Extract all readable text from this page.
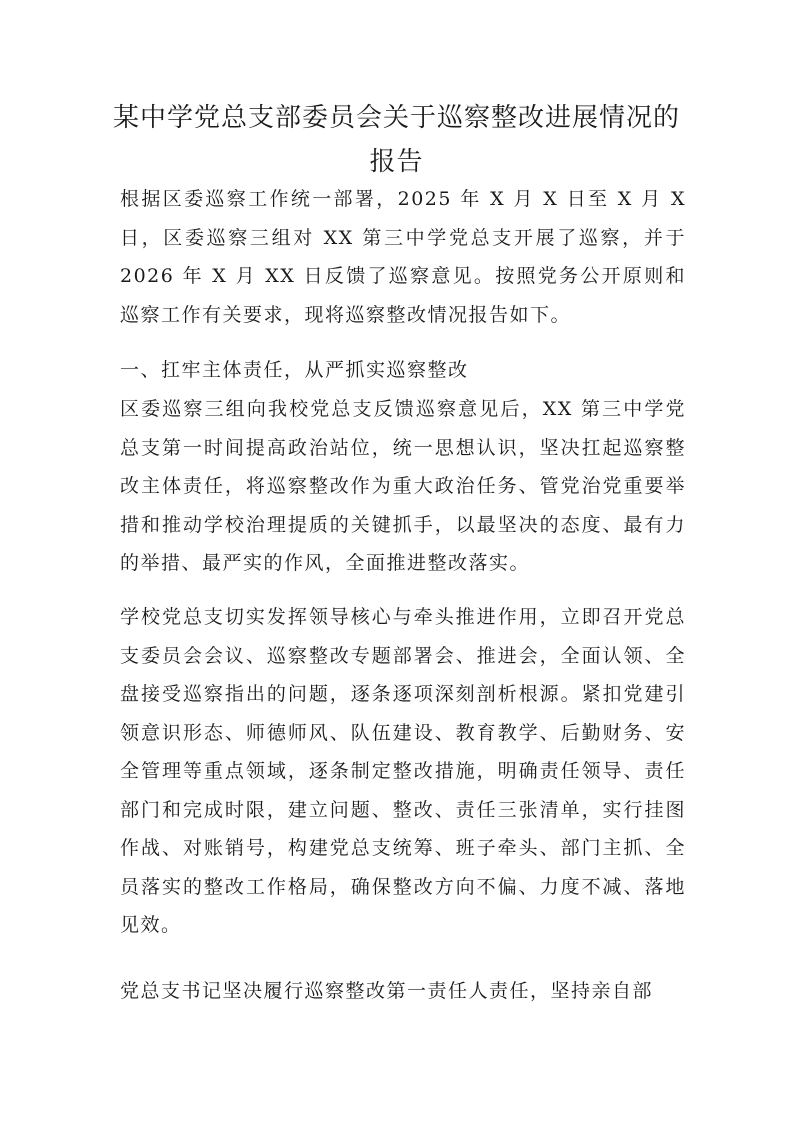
某中学党总支部委员会关于巡察整改进展情况的报告

根据区委巡察工作统一部署，2025 年 X 月 X 日至 X 月 X 日，区委巡察三组对 XX 第三中学党总支开展了巡察，并于 2026 年 X 月 XX 日反馈了巡察意见。按照党务公开原则和巡察工作有关要求，现将巡察整改情况报告如下。

一、扛牢主体责任，从严抓实巡察整改

区委巡察三组向我校党总支反馈巡察意见后，XX 第三中学党总支第一时间提高政治站位，统一思想认识，坚决扛起巡察整改主体责任，将巡察整改作为重大政治任务、管党治党重要举措和推动学校治理提质的关键抓手，以最坚决的态度、最有力的举措、最严实的作风，全面推进整改落实。

学校党总支切实发挥领导核心与牵头推进作用，立即召开党总支委员会会议、巡察整改专题部署会、推进会，全面认领、全盘接受巡察指出的问题，逐条逐项深刻剖析根源。紧扣党建引领意识形态、师德师风、队伍建设、教育教学、后勤财务、安全管理等重点领域，逐条制定整改措施，明确责任领导、责任部门和完成时限，建立问题、整改、责任三张清单，实行挂图作战、对账销号，构建党总支统筹、班子牵头、部门主抓、全员落实的整改工作格局，确保整改方向不偏、力度不减、落地见效。

党总支书记坚决履行巡察整改第一责任人责任，坚持亲自部
